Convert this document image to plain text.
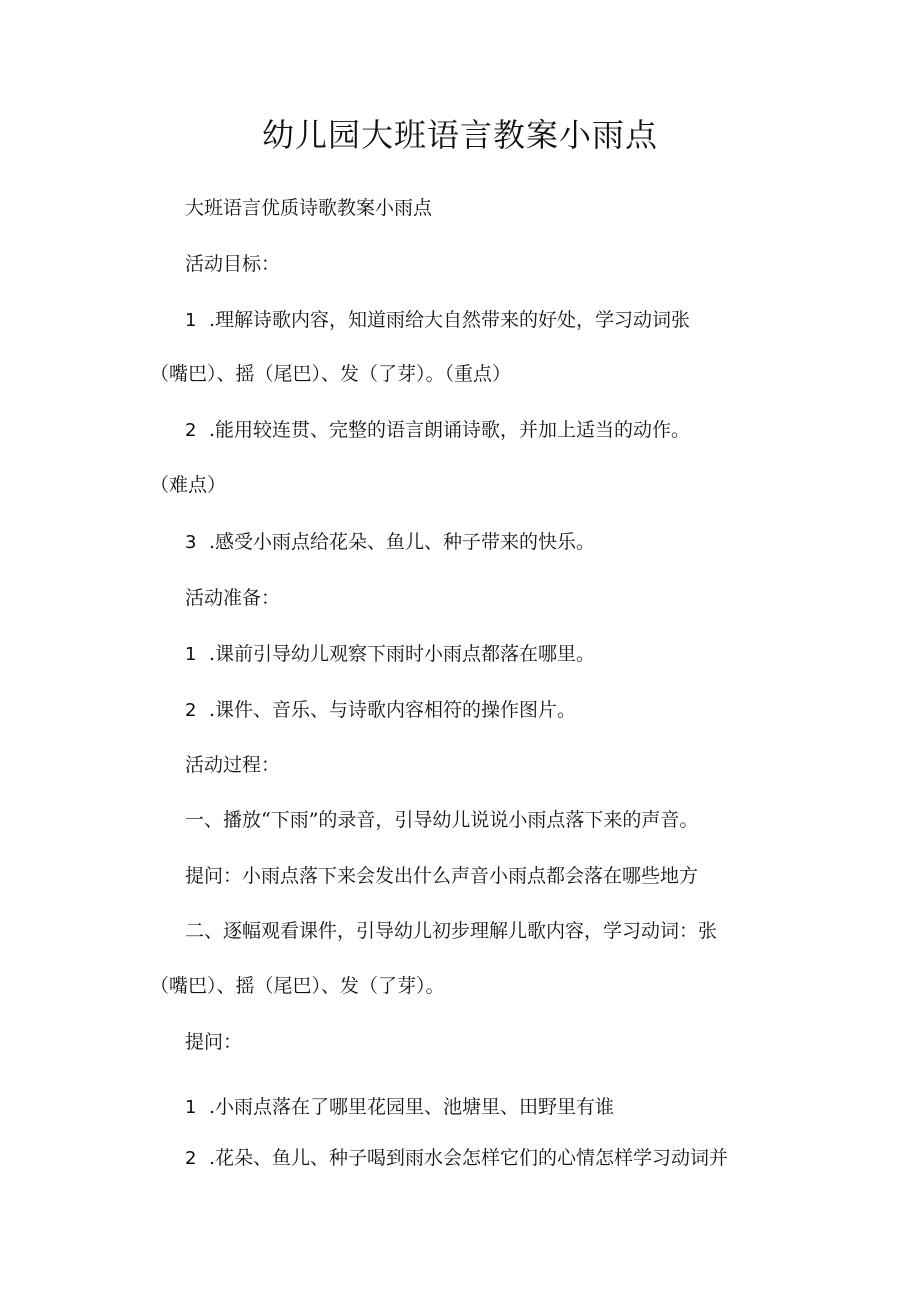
幼儿园大班语言教案小雨点
大班语言优质诗歌教案小雨点
活动目标：
1 .理解诗歌内容，知道雨给大自然带来的好处，学习动词张
（嘴巴）、摇（尾巴）、发（了芽）。（重点）
2 .能用较连贯、完整的语言朗诵诗歌，并加上适当的动作。
（难点）
3 .感受小雨点给花朵、鱼儿、种子带来的快乐。
活动准备：
1 .课前引导幼儿观察下雨时小雨点都落在哪里。
2 .课件、音乐、与诗歌内容相符的操作图片。
活动过程：
一、播放“下雨”的录音，引导幼儿说说小雨点落下来的声音。
提问：小雨点落下来会发出什么声音小雨点都会落在哪些地方
二、逐幅观看课件，引导幼儿初步理解儿歌内容，学习动词：张
（嘴巴）、摇（尾巴）、发（了芽）。
提问：
1 .小雨点落在了哪里花园里、池塘里、田野里有谁
2 .花朵、鱼儿、种子喝到雨水会怎样它们的心情怎样学习动词并
